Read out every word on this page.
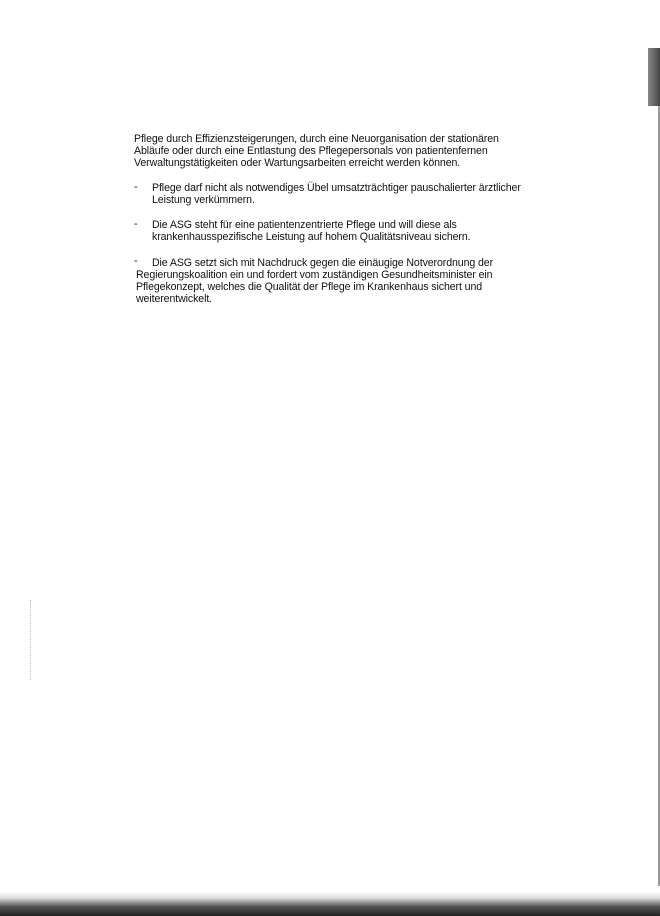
Pflege durch Effizienzsteigerungen, durch eine Neuorganisation der stationären
Abläufe oder durch eine Entlastung des Pflegepersonals von patientenfernen
Verwaltungstätigkeiten oder Wartungsarbeiten erreicht werden können.
- Pflege darf nicht als notwendiges Übel umsatzträchtiger pauschalierter ärztlicher
Leistung verkümmern.
- Die ASG steht für eine patientenzentrierte Pflege und will diese als
krankenhausspezifische Leistung auf hohem Qualitätsniveau sichern.
- Die ASG setzt sich mit Nachdruck gegen die einäugige Notverordnung der
Regierungskoalition ein und fordert vom zuständigen Gesundheitsminister ein
Pflegekonzept, welches die Qualität der Pflege im Krankenhaus sichert und
weiterentwickelt.
